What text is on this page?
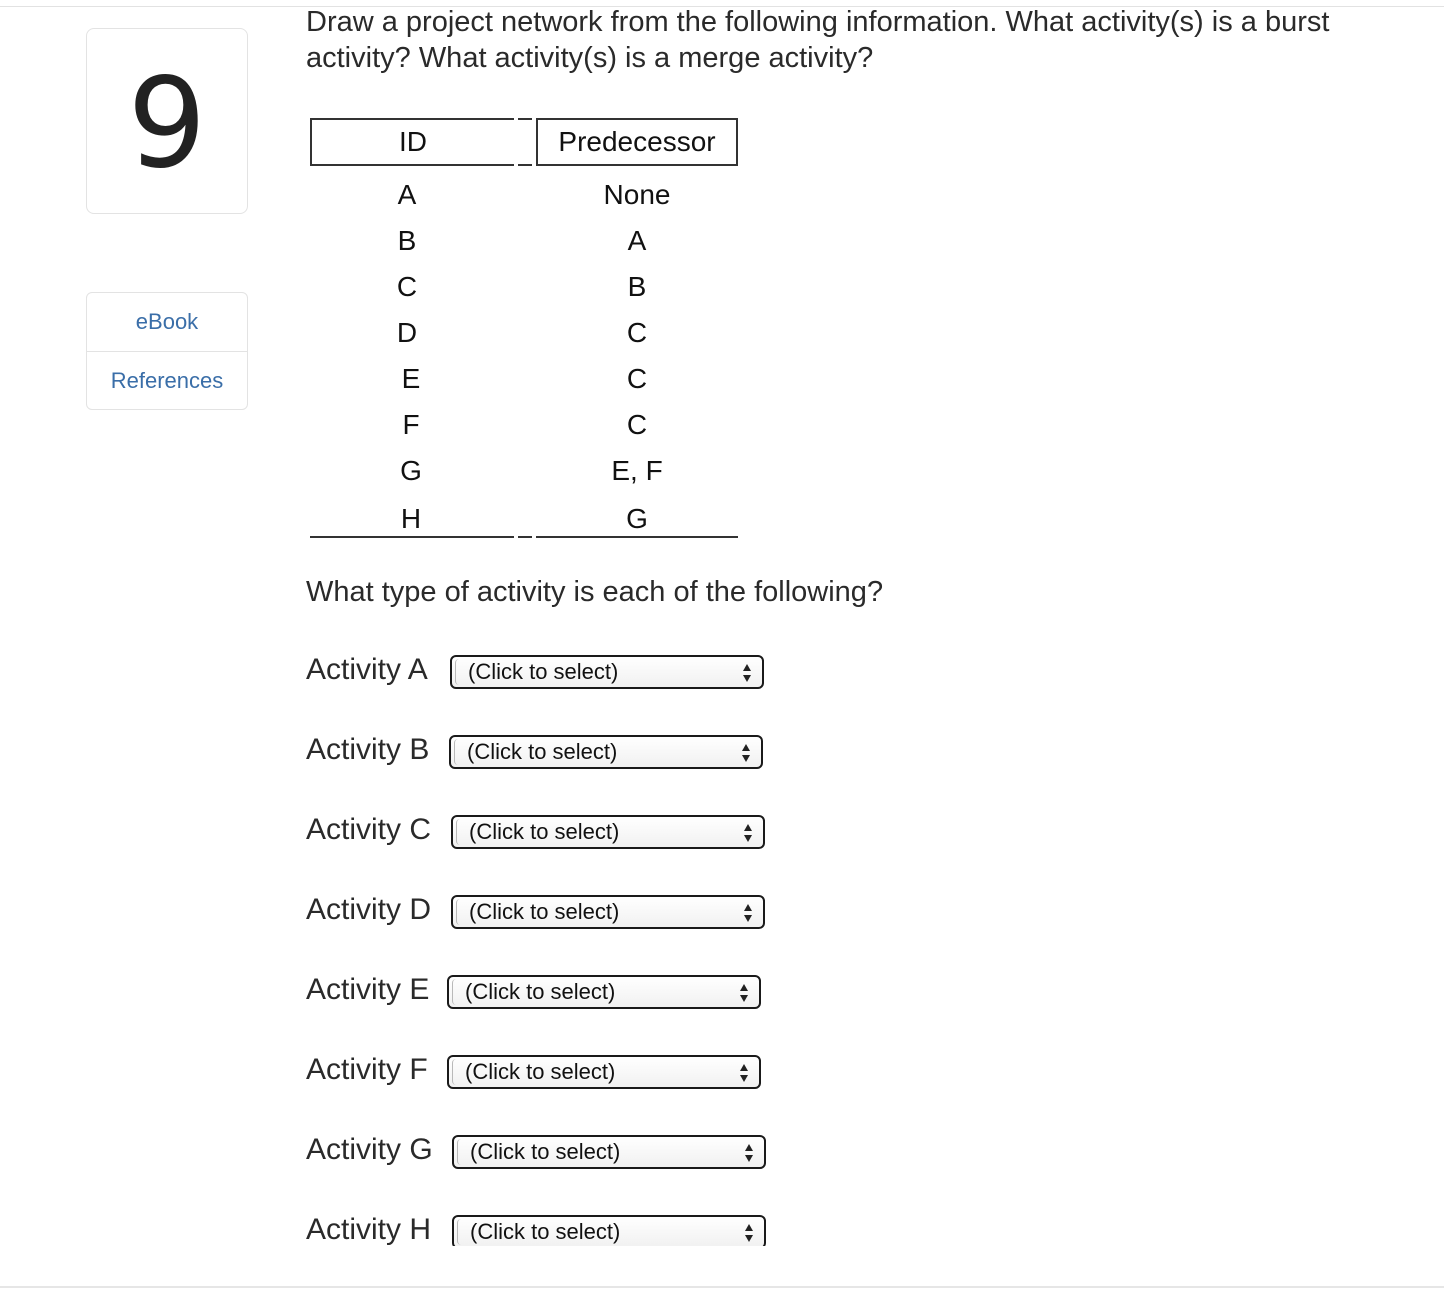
9
eBook
References
Draw a project network from the following information. What activity(s) is a burst
activity? What activity(s) is a merge activity?
ID	Predecessor
A	None
B	A
C	B
D	C
E	C
F	C
G	E, F
H	G
What type of activity is each of the following?
Activity A (Click to select)
Activity B (Click to select)
Activity C (Click to select)
Activity D (Click to select)
Activity E (Click to select)
Activity F (Click to select)
Activity G (Click to select)
Activity H (Click to select)
